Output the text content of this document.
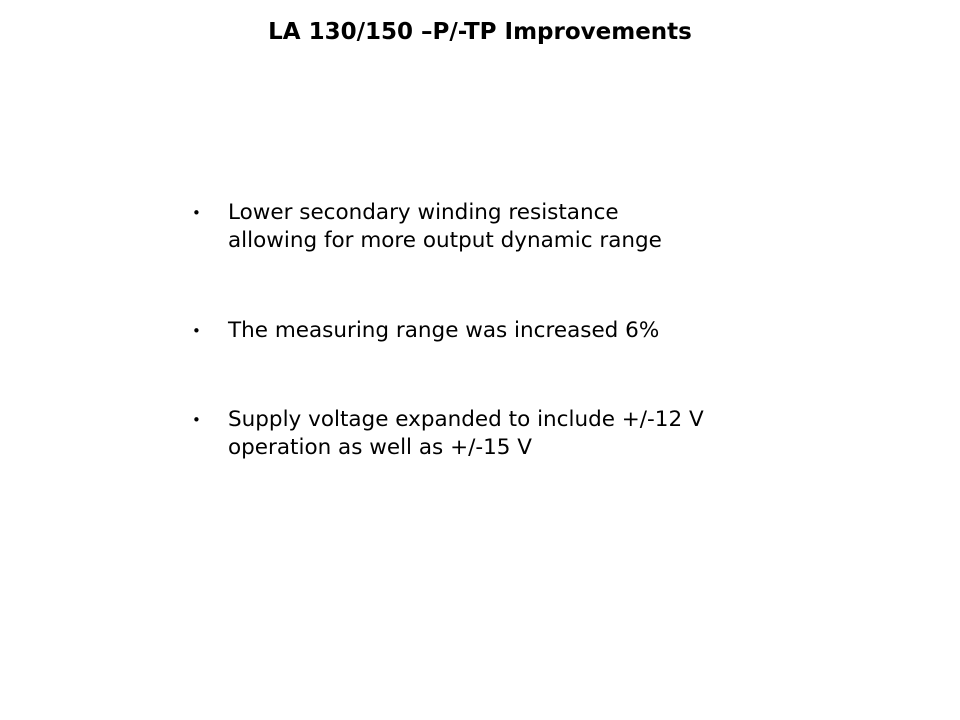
LA 130/150 –P/-TP Improvements
• Lower secondary winding resistance
allowing for more output dynamic range
• The measuring range was increased 6%
• Supply voltage expanded to include +/-12 V
operation as well as +/-15 V
